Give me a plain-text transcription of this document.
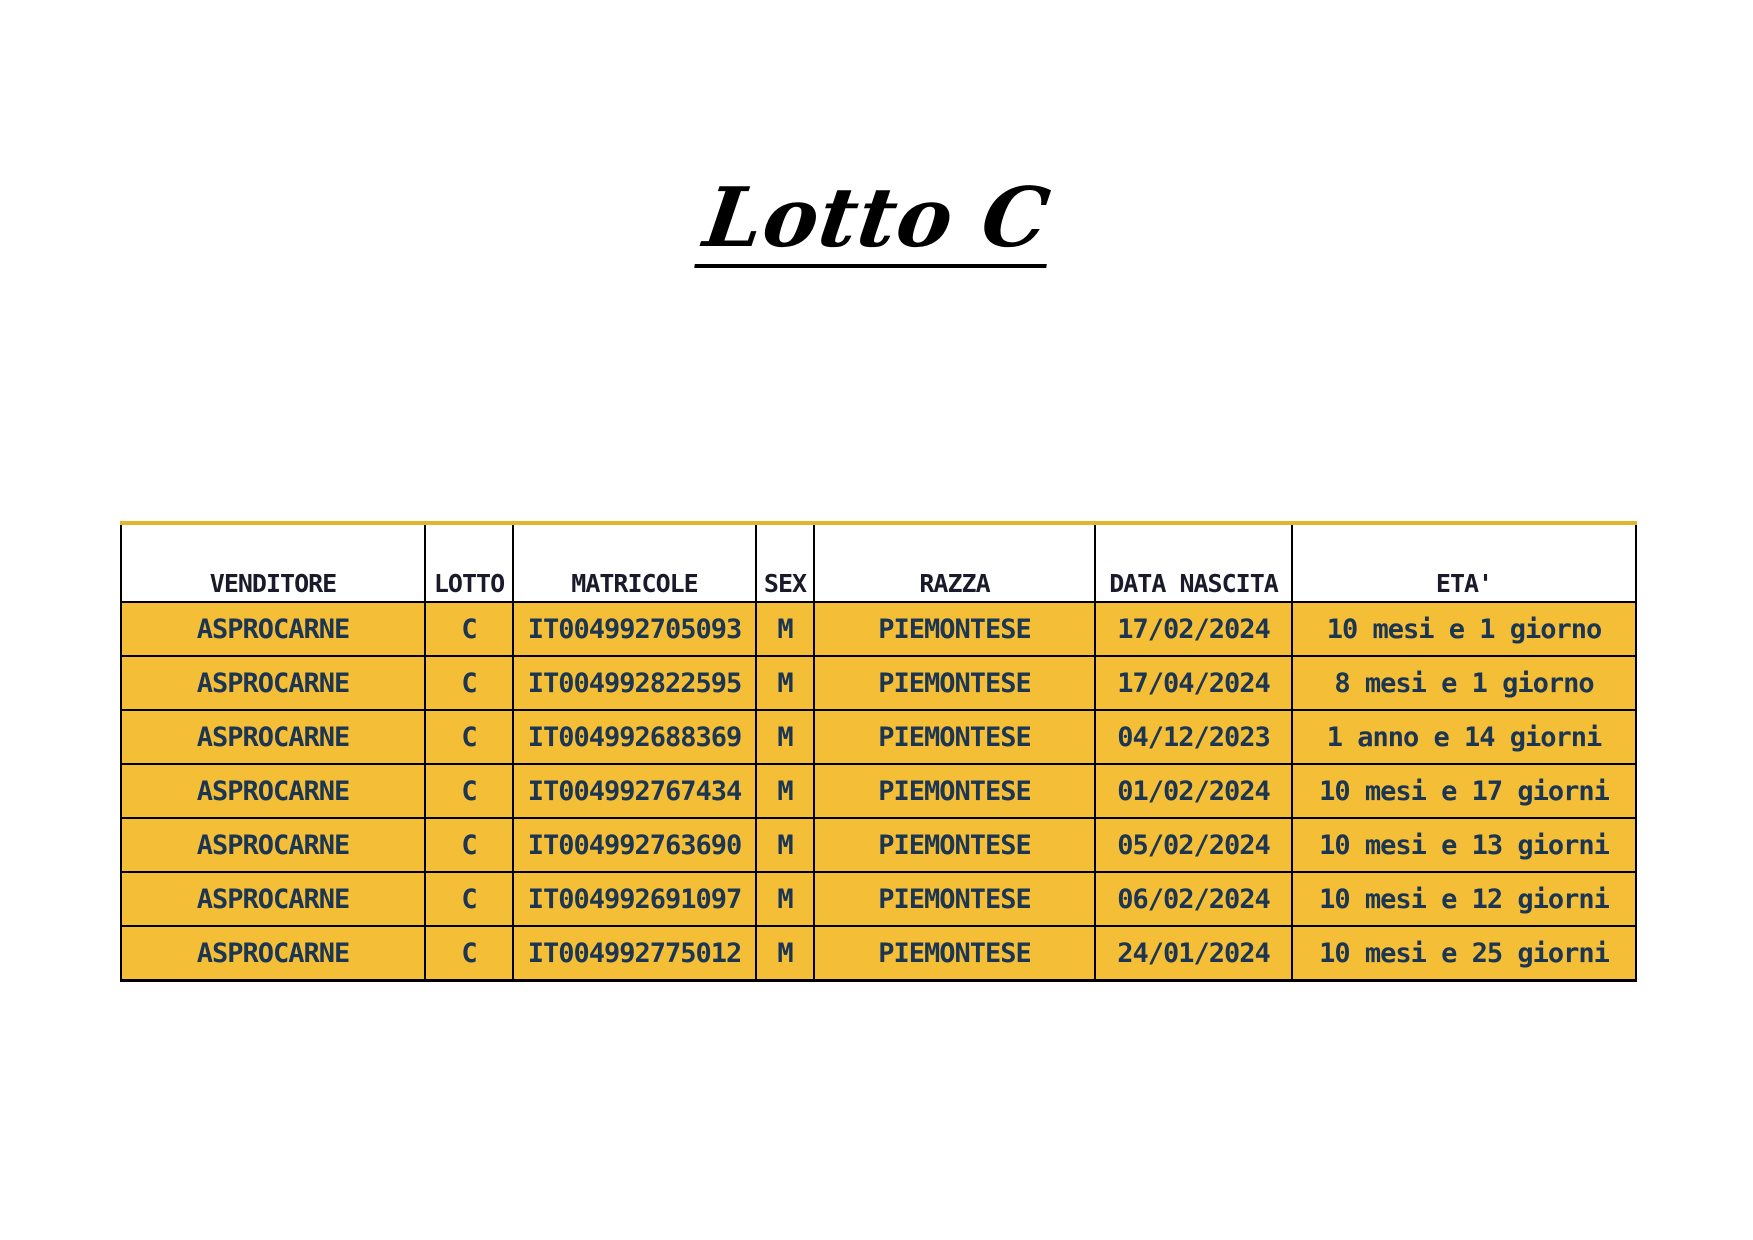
Lotto C
VENDITORE	LOTTO	MATRICOLE	SEX	RAZZA	DATA NASCITA	ETA'
ASPROCARNE	C	IT004992705093	M	PIEMONTESE	17/02/2024	10 mesi e 1 giorno
ASPROCARNE	C	IT004992822595	M	PIEMONTESE	17/04/2024	8 mesi e 1 giorno
ASPROCARNE	C	IT004992688369	M	PIEMONTESE	04/12/2023	1 anno e 14 giorni
ASPROCARNE	C	IT004992767434	M	PIEMONTESE	01/02/2024	10 mesi e 17 giorni
ASPROCARNE	C	IT004992763690	M	PIEMONTESE	05/02/2024	10 mesi e 13 giorni
ASPROCARNE	C	IT004992691097	M	PIEMONTESE	06/02/2024	10 mesi e 12 giorni
ASPROCARNE	C	IT004992775012	M	PIEMONTESE	24/01/2024	10 mesi e 25 giorni
